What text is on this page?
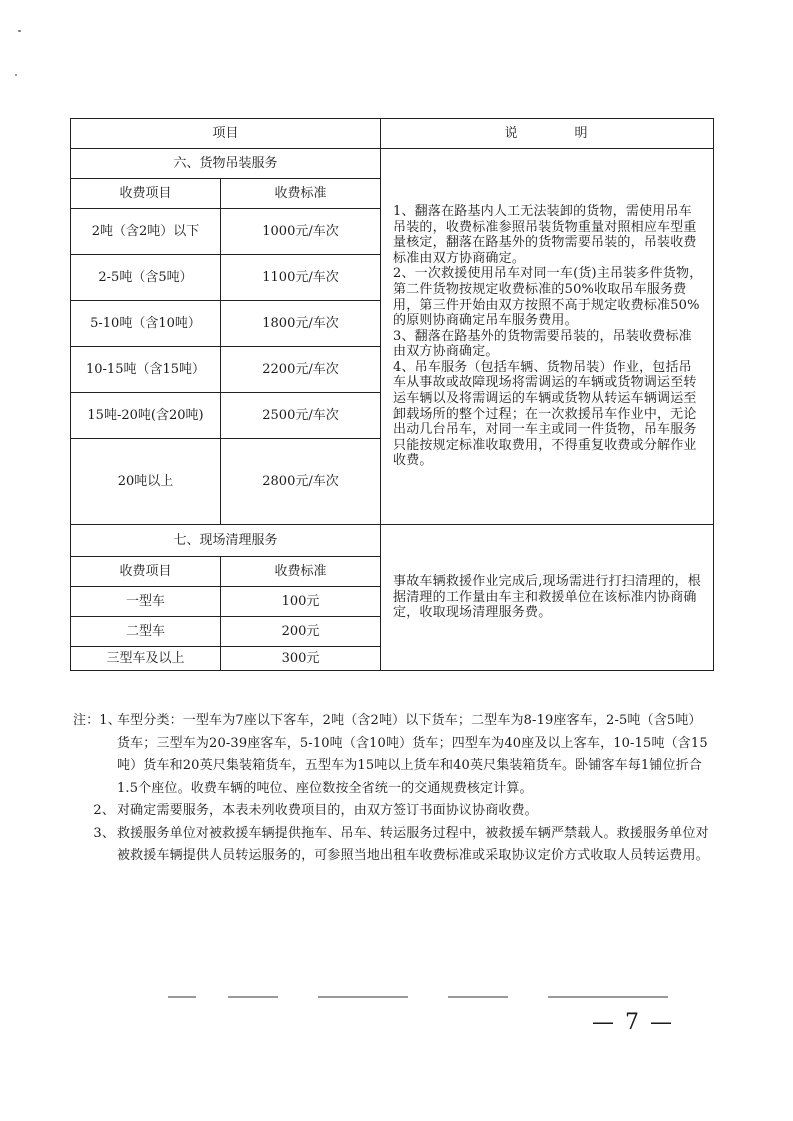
项目		说　明
六、货物吊装服务		1、翻落在路基内人工无法装卸的货物，需使用吊车吊装的，收费标准参照吊装货物重量对照相应车型重量核定，翻落在路基外的货物需要吊装的，吊装收费标准由双方协商确定。

2、一次救援使用吊车对同一车(货)主吊装多件货物，第二件货物按规定收费标准的50%收取吊车服务费用，第三件开始由双方按照不高于规定收费标准50%的原则协商确定吊车服务费用。

3、翻落在路基外的货物需要吊装的，吊装收费标准由双方协商确定。

4、吊车服务（包括车辆、货物吊装）作业，包括吊车从事故或故障现场将需调运的车辆或货物调运至转运车辆以及将需调运的车辆或货物从转运车辆调运至卸载场所的整个过程；在一次救援吊车作业中，无论出动几台吊车，对同一车主或同一件货物，吊车服务只能按规定标准收取费用，不得重复收费或分解作业收费。

收费项目	收费标准	
2吨（含2吨）以下	1000元/车次	
2-5吨（含5吨）	1100元/车次	
5-10吨（含10吨）	1800元/车次	
10-15吨（含15吨）	2200元/车次	
15吨-20吨(含20吨)	2500元/车次	
20吨以上	2800元/车次	
七、现场清理服务		事故车辆救援作业完成后,现场需进行打扫清理的，根据清理的工作量由车主和救援单位在该标准内协商确定，收取现场清理服务费。

收费项目	收费标准	
一型车	100元	
二型车	200元	
三型车及以上	300元	
注：1、
车型分类：一型车为7座以下客车，2吨（含2吨）以下货车；二型车为8-19座客车，2-5吨（含5吨）货车；三型车为20-39座客车，5-10吨（含10吨）货车；四型车为40座及以上客车，10-15吨（含15吨）货车和20英尺集装箱货车，五型车为15吨以上货车和40英尺集装箱货车。卧铺客车每1铺位折合1.5个座位。收费车辆的吨位、座位数按全省统一的交通规费核定计算。
2、 对确定需要服务，本表未列收费项目的，由双方签订书面协议协商收费。
3、 救援服务单位对被救援车辆提供拖车、吊车、转运服务过程中，被救援车辆严禁载人。救援服务单位对被救援车辆提供人员转运服务的，可参照当地出租车收费标准或采取协议定价方式收取人员转运费用。
— 7 —
